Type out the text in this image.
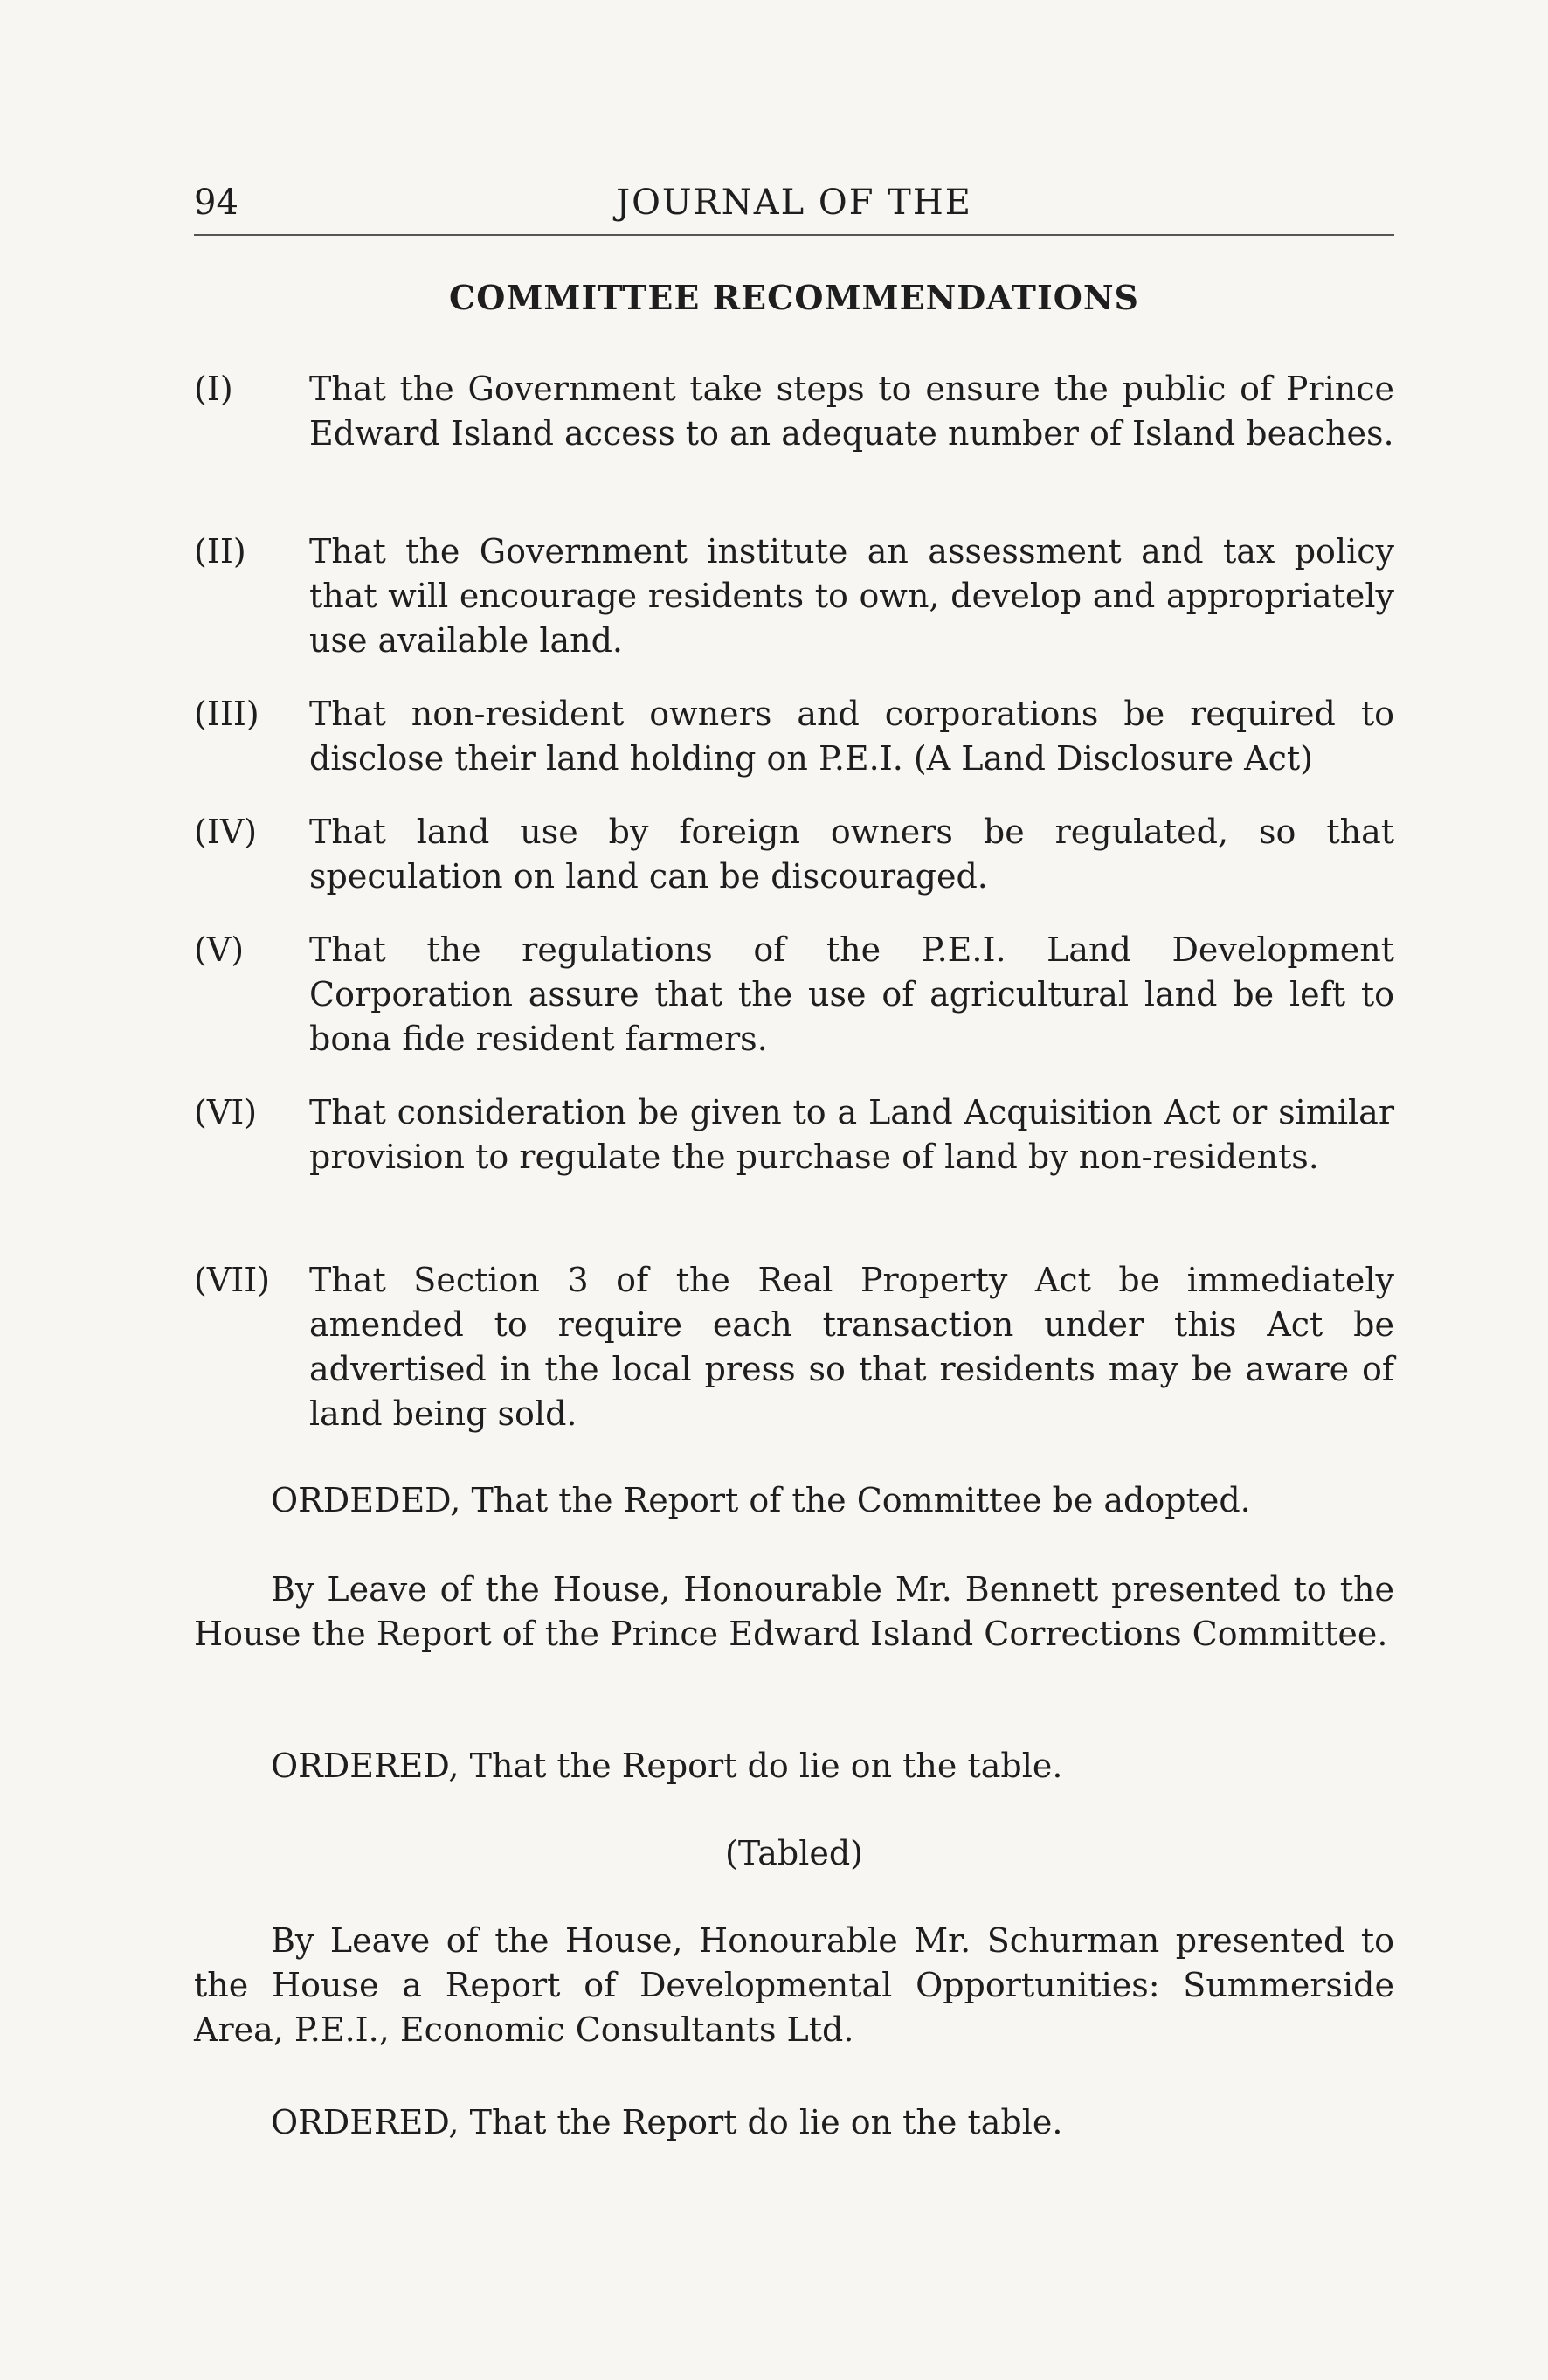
94	JOURNAL OF THE
COMMITTEE RECOMMENDATIONS
(I) That the Government take steps to ensure the public of Prince Edward Island access to an adequate number of Island beaches.
(II) That the Government institute an assessment and tax policy that will encourage residents to own, develop and appropriately use available land.
(III) That non-resident owners and corporations be required to disclose their land holding on P.E.I. (A Land Disclosure Act)
(IV) That land use by foreign owners be regulated, so that speculation on land can be discouraged.
(V) That the regulations of the P.E.I. Land Development Corporation assure that the use of agricultural land be left to bona fide resident farmers.
(VI) That consideration be given to a Land Acquisition Act or similar provision to regulate the purchase of land by non-residents.
(VII) That Section 3 of the Real Property Act be immediately amended to require each transaction under this Act be advertised in the local press so that residents may be aware of land being sold.
ORDEDED, That the Report of the Committee be adopted.
By Leave of the House, Honourable Mr. Bennett presented to the House the Report of the Prince Edward Island Corrections Committee.
ORDERED, That the Report do lie on the table.
(Tabled)
By Leave of the House, Honourable Mr. Schurman presented to the House a Report of Developmental Opportunities: Summerside Area, P.E.I., Economic Consultants Ltd.
ORDERED, That the Report do lie on the table.
